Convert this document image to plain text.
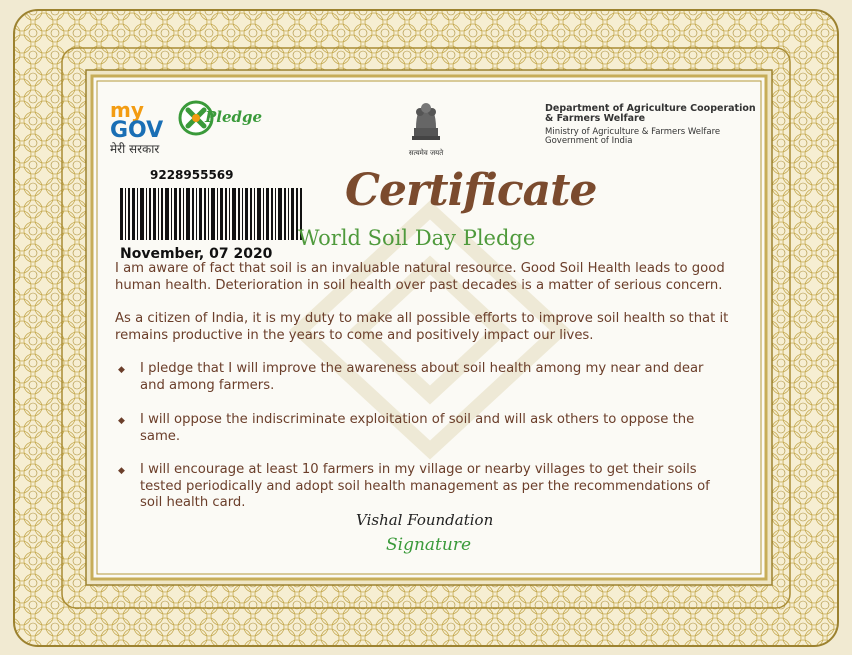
my
GOV
मेरी सरकार
Pledge
सत्यमेव जयते
Department of Agriculture Cooperation
& Farmers Welfare
Ministry of Agriculture & Farmers Welfare
Government of India
9228955569
November, 07 2020
Certificate
World Soil Day Pledge
I am aware of fact that soil is an invaluable natural resource. Good Soil Health leads to good human health. Deterioration in soil health over past decades is a matter of serious concern.
As a citizen of India, it is my duty to make all possible efforts to improve soil health so that it remains productive in the years to come and positively impact our lives.
◆ I pledge that I will improve the awareness about soil health among my near and dear and among farmers.
◆ I will oppose the indiscriminate exploitation of soil and will ask others to oppose the same.
◆ I will encourage at least 10 farmers in my village or nearby villages to get their soils tested periodically and adopt soil health management as per the recommendations of soil health card.
Vishal Foundation
Signature
